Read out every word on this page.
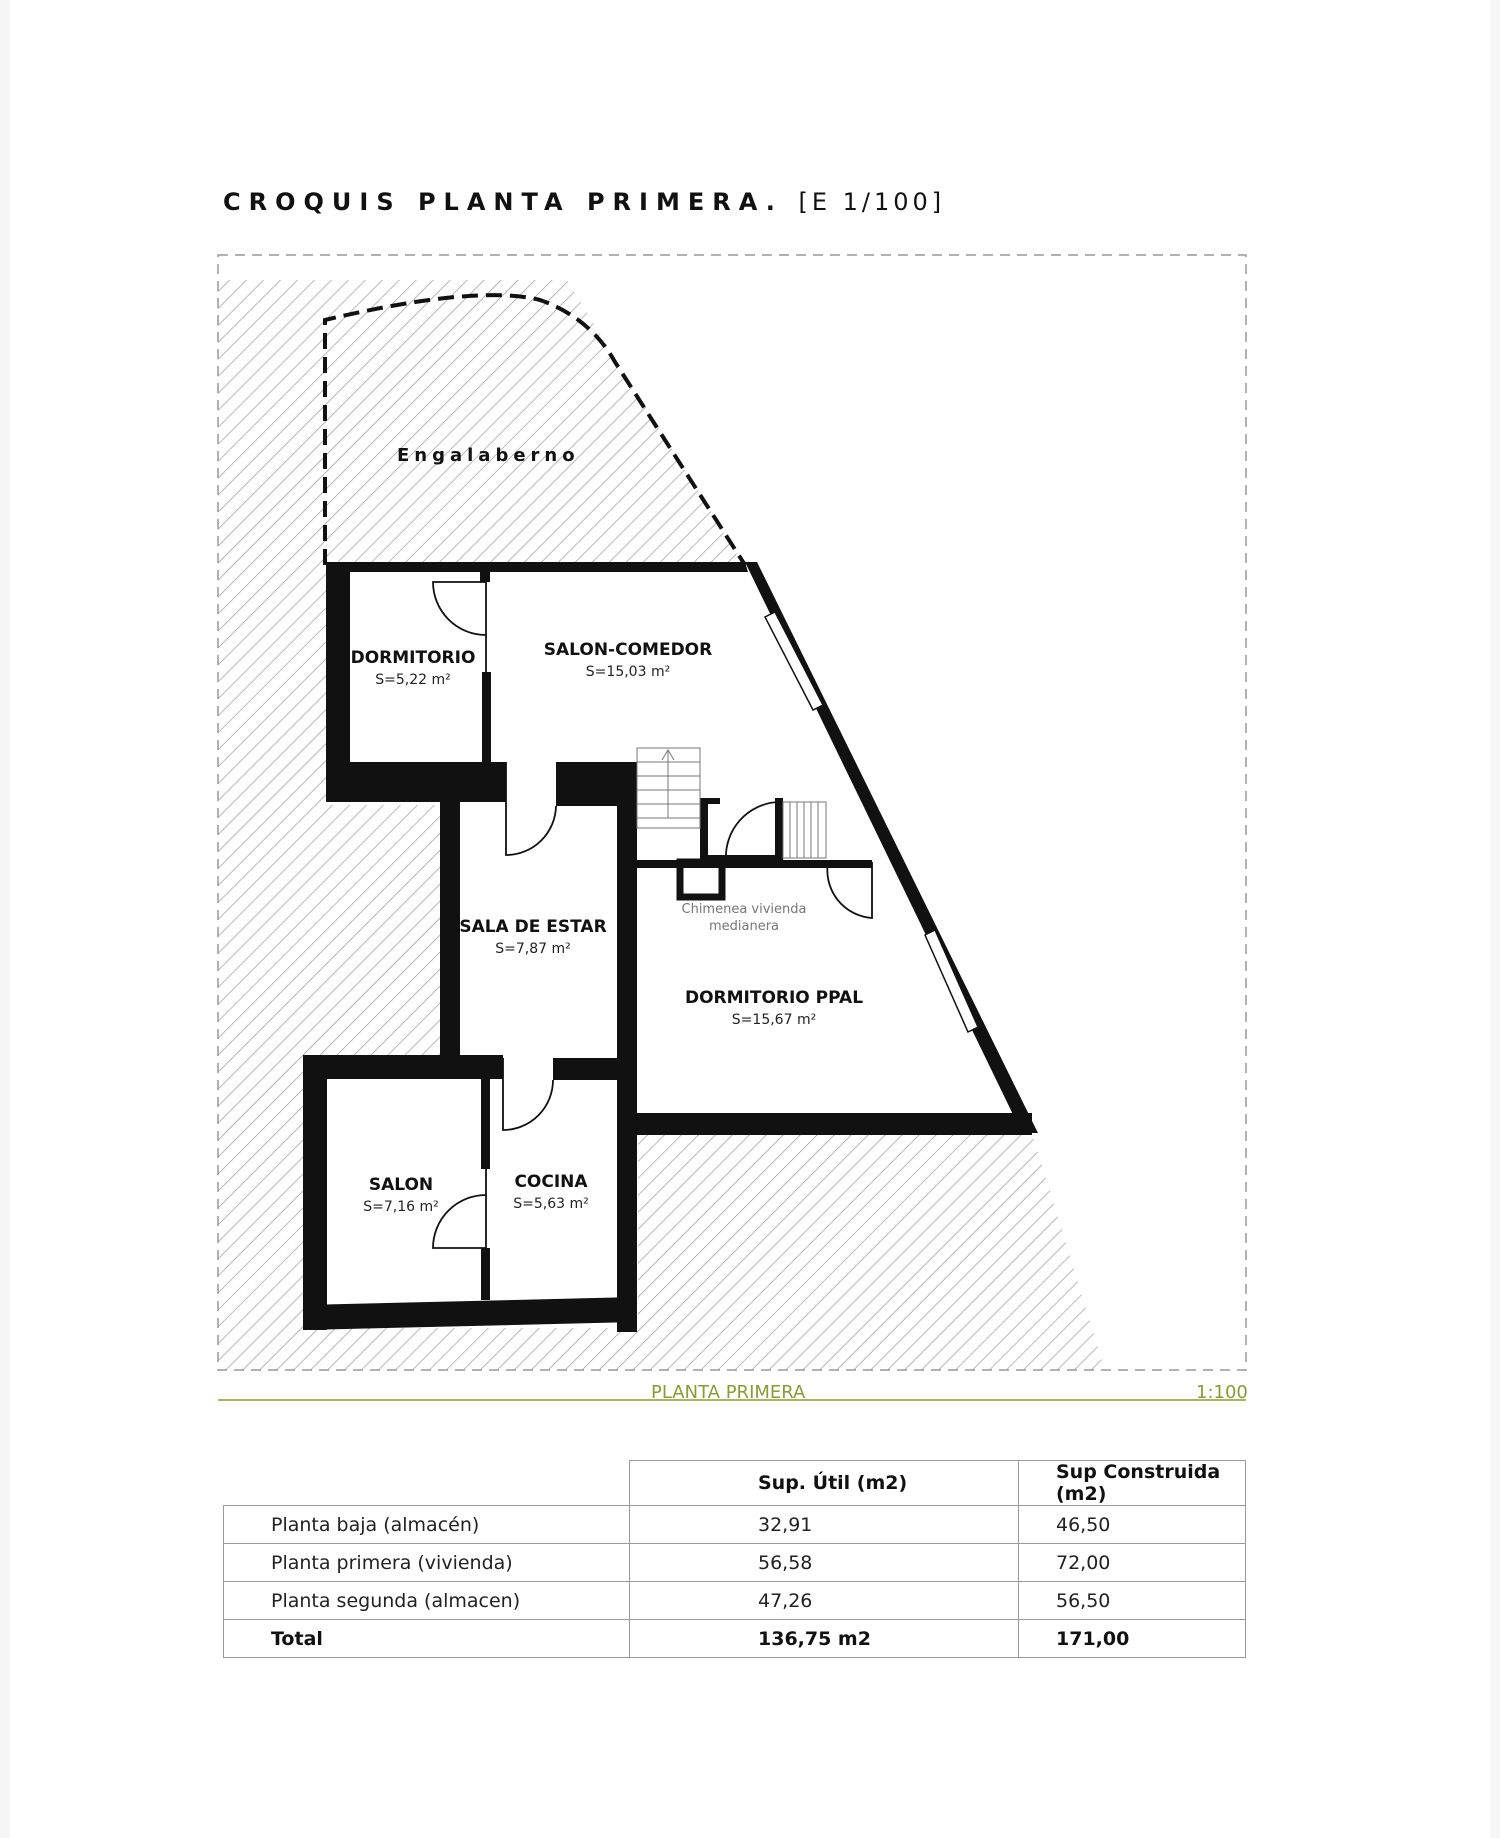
CROQUIS PLANTA PRIMERA. [E 1/100]
Engalaberno
DORMITORIO
S=5,22 m²
SALON-COMEDOR
S=15,03 m²
SALA DE ESTAR
S=7,87 m²
DORMITORIO PPAL
S=15,67 m²
SALON
S=7,16 m²
COCINA
S=5,63 m²
Chimenea vivienda
medianera
PLANTA PRIMERA	1:100
	Sup. Útil (m2)	Sup Construida (m2)
Planta baja (almacén)	32,91	46,50
Planta primera (vivienda)	56,58	72,00
Planta segunda (almacen)	47,26	56,50
Total	136,75 m2	171,00
